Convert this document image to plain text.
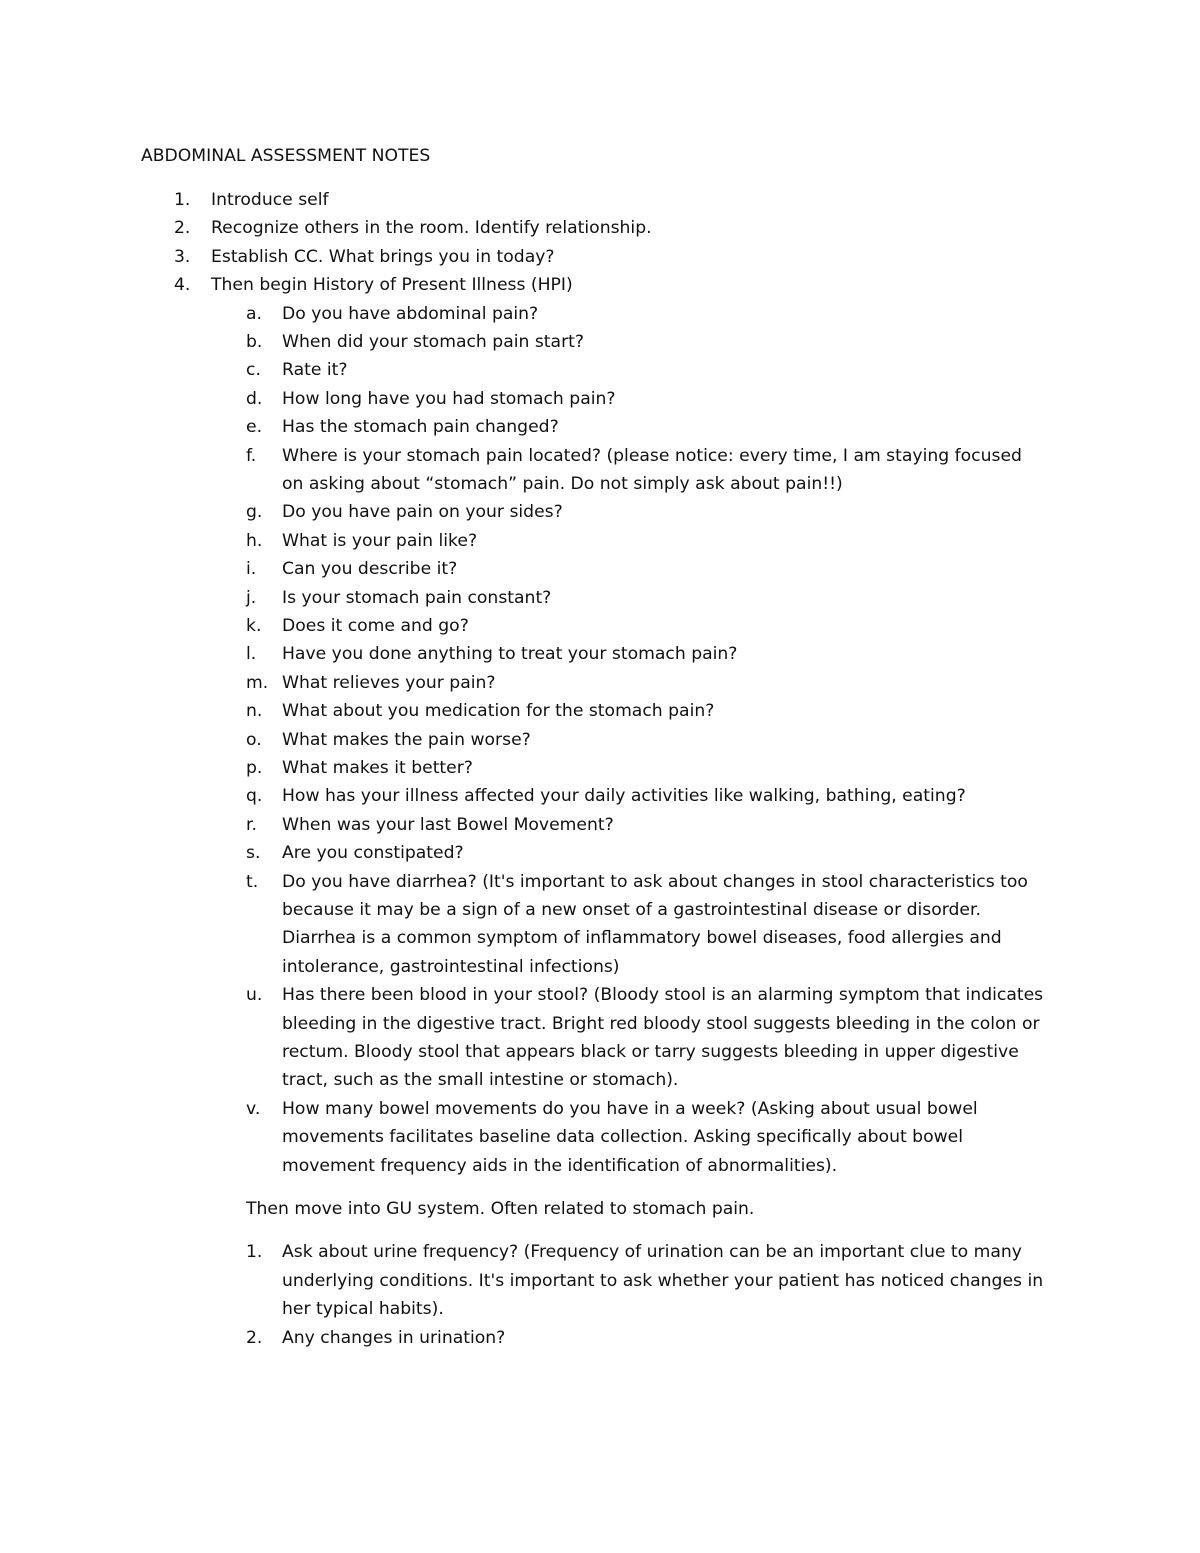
ABDOMINAL ASSESSMENT NOTES
1. Introduce self
2. Recognize others in the room. Identify relationship.
3. Establish CC. What brings you in today?
4. Then begin History of Present Illness (HPI)
a. Do you have abdominal pain?
b. When did your stomach pain start?
c. Rate it?
d. How long have you had stomach pain?
e. Has the stomach pain changed?
f. Where is your stomach pain located? (please notice: every time, I am staying focused
on asking about “stomach” pain. Do not simply ask about pain!!)
g. Do you have pain on your sides?
h. What is your pain like?
i. Can you describe it?
j. Is your stomach pain constant?
k. Does it come and go?
l. Have you done anything to treat your stomach pain?
m. What relieves your pain?
n. What about you medication for the stomach pain?
o. What makes the pain worse?
p. What makes it better?
q. How has your illness affected your daily activities like walking, bathing, eating?
r. When was your last Bowel Movement?
s. Are you constipated?
t. Do you have diarrhea? (It's important to ask about changes in stool characteristics too
because it may be a sign of a new onset of a gastrointestinal disease or disorder.
Diarrhea is a common symptom of inflammatory bowel diseases, food allergies and
intolerance, gastrointestinal infections)
u. Has there been blood in your stool? (Bloody stool is an alarming symptom that indicates
bleeding in the digestive tract. Bright red bloody stool suggests bleeding in the colon or
rectum. Bloody stool that appears black or tarry suggests bleeding in upper digestive
tract, such as the small intestine or stomach).
v. How many bowel movements do you have in a week? (Asking about usual bowel
movements facilitates baseline data collection. Asking specifically about bowel
movement frequency aids in the identification of abnormalities).
Then move into GU system. Often related to stomach pain.
1. Ask about urine frequency? (Frequency of urination can be an important clue to many
underlying conditions. It's important to ask whether your patient has noticed changes in
her typical habits).
2. Any changes in urination?
